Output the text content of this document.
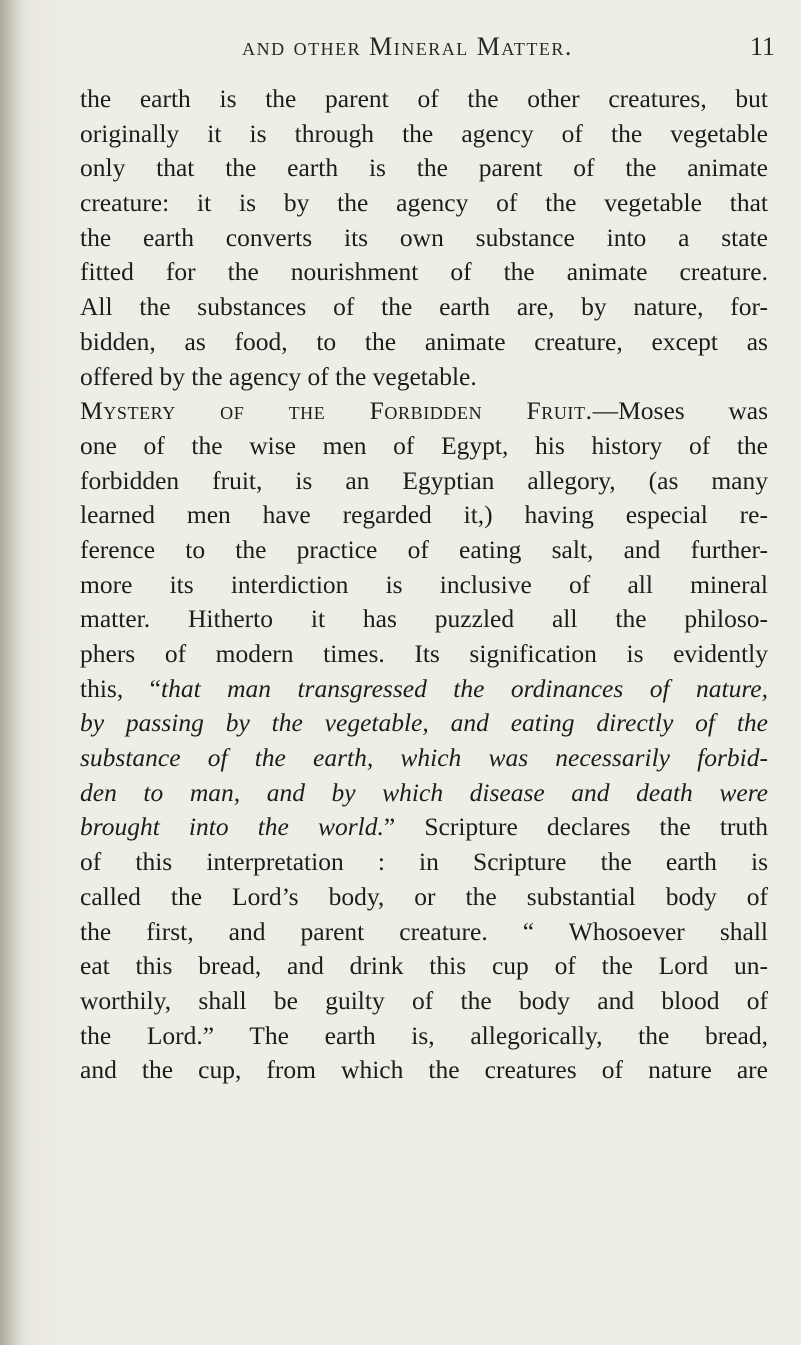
and other Mineral Matter.	11
the earth is the parent of the other creatures, but
originally it is through the agency of the vegetable
only that the earth is the parent of the animate
creature: it is by the agency of the vegetable that
the earth converts its own substance into a state
fitted for the nourishment of the animate creature.
All the substances of the earth are, by nature, for-
bidden, as food, to the animate creature, except as
offered by the agency of the vegetable.
Mystery of the Forbidden Fruit.—Moses was
one of the wise men of Egypt, his history of the
forbidden fruit, is an Egyptian allegory, (as many
learned men have regarded it,) having especial re-
ference to the practice of eating salt, and further-
more its interdiction is inclusive of all mineral
matter. Hitherto it has puzzled all the philoso-
phers of modern times. Its signification is evidently
this, “that man transgressed the ordinances of nature,
by passing by the vegetable, and eating directly of the
substance of the earth, which was necessarily forbid-
den to man, and by which disease and death were
brought into the world.” Scripture declares the truth
of this interpretation : in Scripture the earth is
called the Lord’s body, or the substantial body of
the first, and parent creature. “ Whosoever shall
eat this bread, and drink this cup of the Lord un-
worthily, shall be guilty of the body and blood of
the Lord.” The earth is, allegorically, the bread,
and the cup, from which the creatures of nature are
